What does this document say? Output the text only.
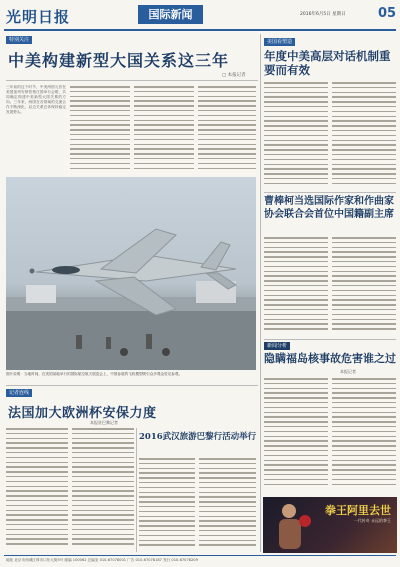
光明日报	国际新闻	2016年6月5日 星期日 05
特别关注
中美构建新型大国关系这三年
□ 本报记者
三年前的这个时节，中美两国元首在美国加州安纳伯格庄园举行会晤，共同确定构建中美新型大国关系的方向。三年来，两国在各领域的交流合作不断深化，双边关系总体保持稳定发展势头。
图片说明：当地时间，在美国某地举行的国际航空航天展览会上，中国参展的飞机模型吸引众多观众驻足参观。
美国看塑造
年度中美高层对话机制重要而有效
曹棒柯当选国际作家和作曲家协会联合会首位中国籍副主席
新闻分析
隐瞒福岛核事故危害谁之过
本报记者
拳王阿里去世
一代传奇 永远的拳王
记者连线
法国加大欧洲杯安保力度
本报驻巴黎记者
2016武汉旅游巴黎行活动举行
地址 北京市西城区珠市口东大街5号 邮编 100062 总编室 010-67078001 广告 010-67078187 发行 010-67078209
